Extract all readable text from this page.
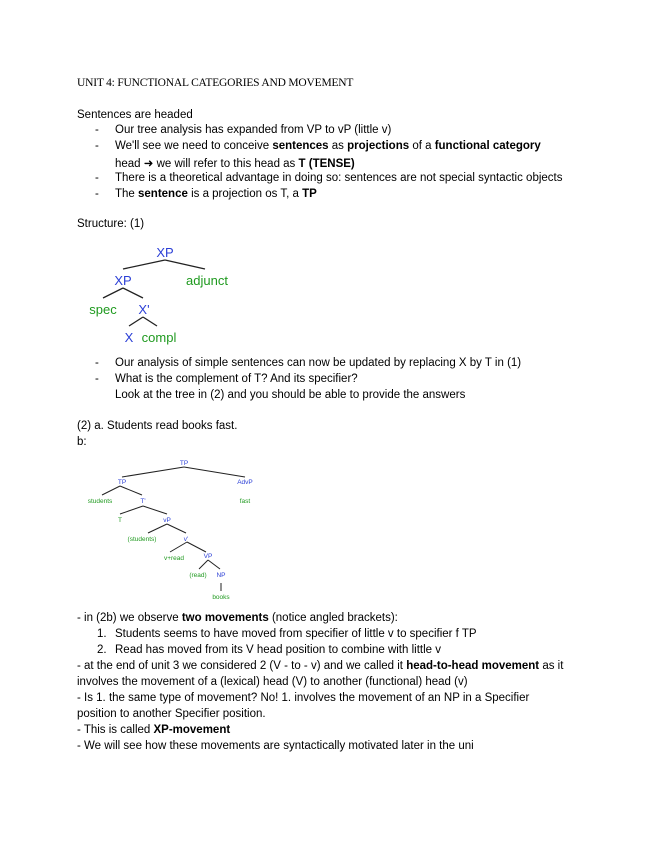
UNIT 4: FUNCTIONAL CATEGORIES AND MOVEMENT
Sentences are headed
-	Our tree analysis has expanded from VP to vP (little v)
-	We'll see we need to conceive sentences as projections of a functional category
head ➜ we will refer to this head as T (TENSE)
-	There is a theoretical advantage in doing so: sentences are not special syntactic objects
-	The sentence is a projection os T, a TP
Structure: (1)
XP
XP	adjunct
spec X'
X compl
-	Our analysis of simple sentences can now be updated by replacing X by T in (1)
-	What is the complement of T? And its specifier?
Look at the tree in (2) and you should be able to provide the answers
(2) a. Students read books fast.
b:
TP
TP	AdvP
students	fast
T'
T	vP
(students)	v'
v+read	VP
(read) NP
books
- in (2b) we observe two movements (notice angled brackets):
1. Students seems to have moved from specifier of little v to specifier f TP
2. Read has moved from its V head position to combine with little v
- at the end of unit 3 we considered 2 (V - to - v) and we called it head-to-head movement as it
involves the movement of a (lexical) head (V) to another (functional) head (v)
- Is 1. the same type of movement? No! 1. involves the movement of an NP in a Specifier
position to another Specifier position.
- This is called XP-movement
- We will see how these movements are syntactically motivated later in the uni
